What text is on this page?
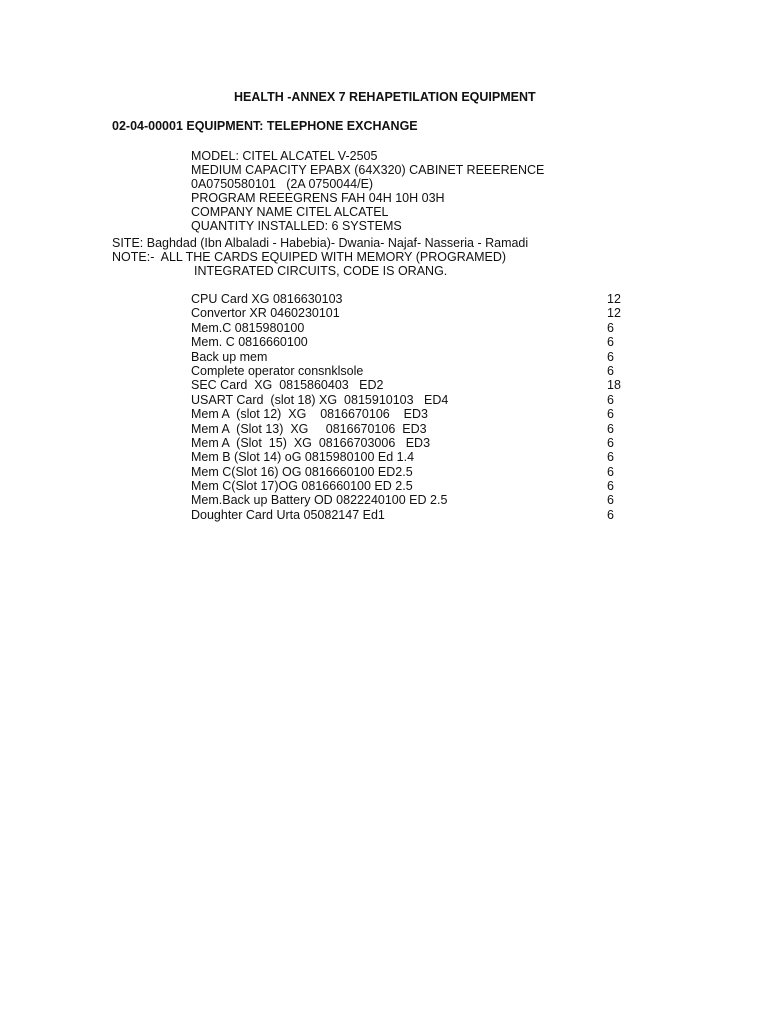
HEALTH -ANNEX 7 REHAPETILATION EQUIPMENT
02-04-00001 EQUIPMENT: TELEPHONE EXCHANGE
MODEL: CITEL ALCATEL V-2505
MEDIUM CAPACITY EPABX (64X320) CABINET REEERENCE
0A0750580101   (2A 0750044/E)
PROGRAM REEEGRENS FAH 04H 10H 03H
COMPANY NAME CITEL ALCATEL
QUANTITY INSTALLED: 6 SYSTEMS
SITE: Baghdad (Ibn Albaladi - Habebia)- Dwania- Najaf- Nasseria - Ramadi
NOTE:-  ALL THE CARDS EQUIPED WITH MEMORY (PROGRAMED)
INTEGRATED CIRCUITS, CODE IS ORANG.
CPU Card XG 0816630103	12
Convertor XR 0460230101	12
Mem.C 0815980100	6
Mem. C 0816660100	6
Back up mem	6
Complete operator consnklsole	6
SEC Card  XG  0815860403   ED2	18
USART Card  (slot 18) XG  0815910103   ED4	6
Mem A  (slot 12)  XG    0816670106    ED3	6
Mem A  (Slot 13)  XG     0816670106  ED3	6
Mem A  (Slot  15)  XG  08166703006   ED3	6
Mem B (Slot 14) oG 0815980100 Ed 1.4	6
Mem C(Slot 16) OG 0816660100 ED2.5	6
Mem C(Slot 17)OG 0816660100 ED 2.5	6
Mem.Back up Battery OD 0822240100 ED 2.5	6
Doughter Card Urta 05082147 Ed1	6
